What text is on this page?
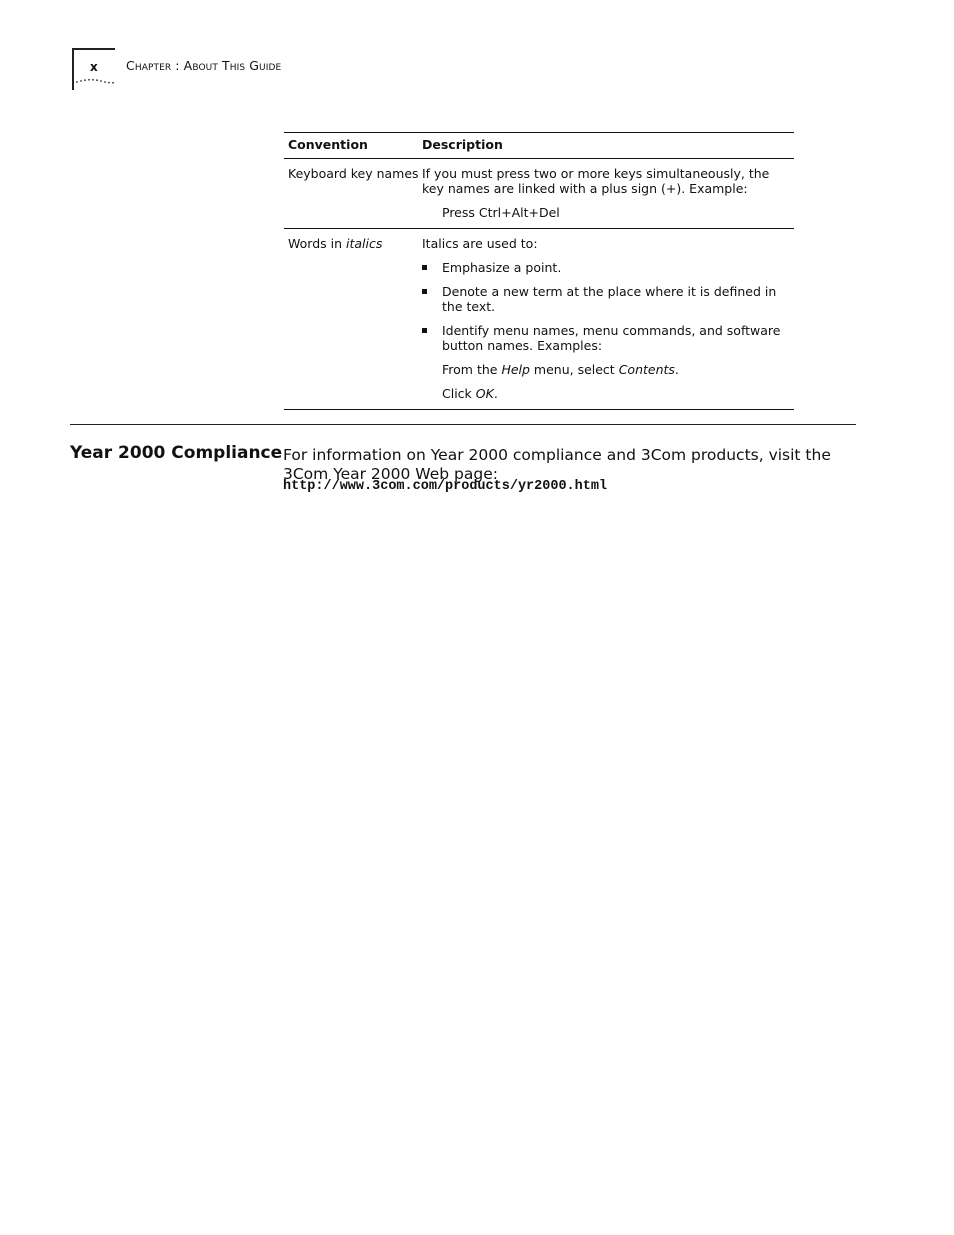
x Chapter : About This Guide
Convention	Description
Keyboard key names If you must press two or more keys simultaneously, the key names are linked with a plus sign (+). Example:

Press Ctrl+Alt+Del

Words in italics	Italics are used to:

Emphasize a point.
Denote a new term at the place where it is defined in the text.
Identify menu names, menu commands, and software button names. Examples:

From the Help menu, select Contents.

Click OK.

Year 2000 Compliance For information on Year 2000 compliance and 3Com products, visit the 3Com Year 2000 Web page:

http://www.3com.com/products/yr2000.html
